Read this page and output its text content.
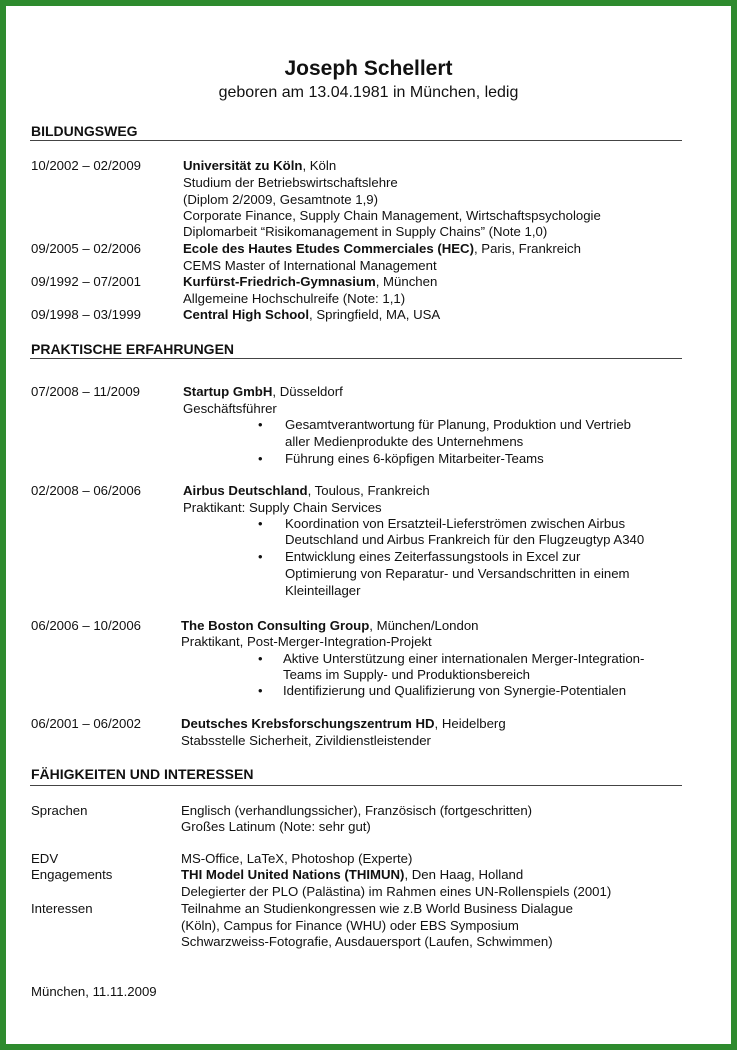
Joseph Schellert
geboren am 13.04.1981 in München, ledig
BILDUNGSWEG
10/2002 – 02/2009	Universität zu Köln, Köln
Studium der Betriebswirtschaftslehre
(Diplom 2/2009, Gesamtnote 1,9)
Corporate Finance, Supply Chain Management, Wirtschaftspsychologie
Diplomarbeit “Risikomanagement in Supply Chains” (Note 1,0)
09/2005 – 02/2006	Ecole des Hautes Etudes Commerciales (HEC), Paris, Frankreich
CEMS Master of International Management
09/1992 – 07/2001	Kurfürst-Friedrich-Gymnasium, München
Allgemeine Hochschulreife (Note: 1,1)
09/1998 – 03/1999	Central High School, Springfield, MA, USA
PRAKTISCHE ERFAHRUNGEN
07/2008 – 11/2009	Startup GmbH, Düsseldorf
Geschäftsführer
• Gesamtverantwortung für Planung, Produktion und Vertrieb
aller Medienprodukte des Unternehmens
• Führung eines 6-köpfigen Mitarbeiter-Teams
02/2008 – 06/2006	Airbus Deutschland, Toulous, Frankreich
Praktikant: Supply Chain Services
• Koordination von Ersatzteil-Lieferströmen zwischen Airbus
Deutschland und Airbus Frankreich für den Flugzeugtyp A340
• Entwicklung eines Zeiterfassungstools in Excel zur
Optimierung von Reparatur- und Versandschritten in einem
Kleinteillager
06/2006 – 10/2006	The Boston Consulting Group, München/London
Praktikant, Post-Merger-Integration-Projekt
• Aktive Unterstützung einer internationalen Merger-Integration-
Teams im Supply- und Produktionsbereich
• Identifizierung und Qualifizierung von Synergie-Potentialen
06/2001 – 06/2002	Deutsches Krebsforschungszentrum HD, Heidelberg
Stabsstelle Sicherheit, Zivildienstleistender
FÄHIGKEITEN UND INTERESSEN
Sprachen	Englisch (verhandlungssicher), Französisch (fortgeschritten)
Großes Latinum (Note: sehr gut)
EDV	MS-Office, LaTeX, Photoshop (Experte)
Engagements	THI Model United Nations (THIMUN), Den Haag, Holland
Delegierter der PLO (Palästina) im Rahmen eines UN-Rollenspiels (2001)
Interessen	Teilnahme an Studienkongressen wie z.B World Business Dialague
(Köln), Campus for Finance (WHU) oder EBS Symposium
Schwarzweiss-Fotografie, Ausdauersport (Laufen, Schwimmen)
München, 11.11.2009
